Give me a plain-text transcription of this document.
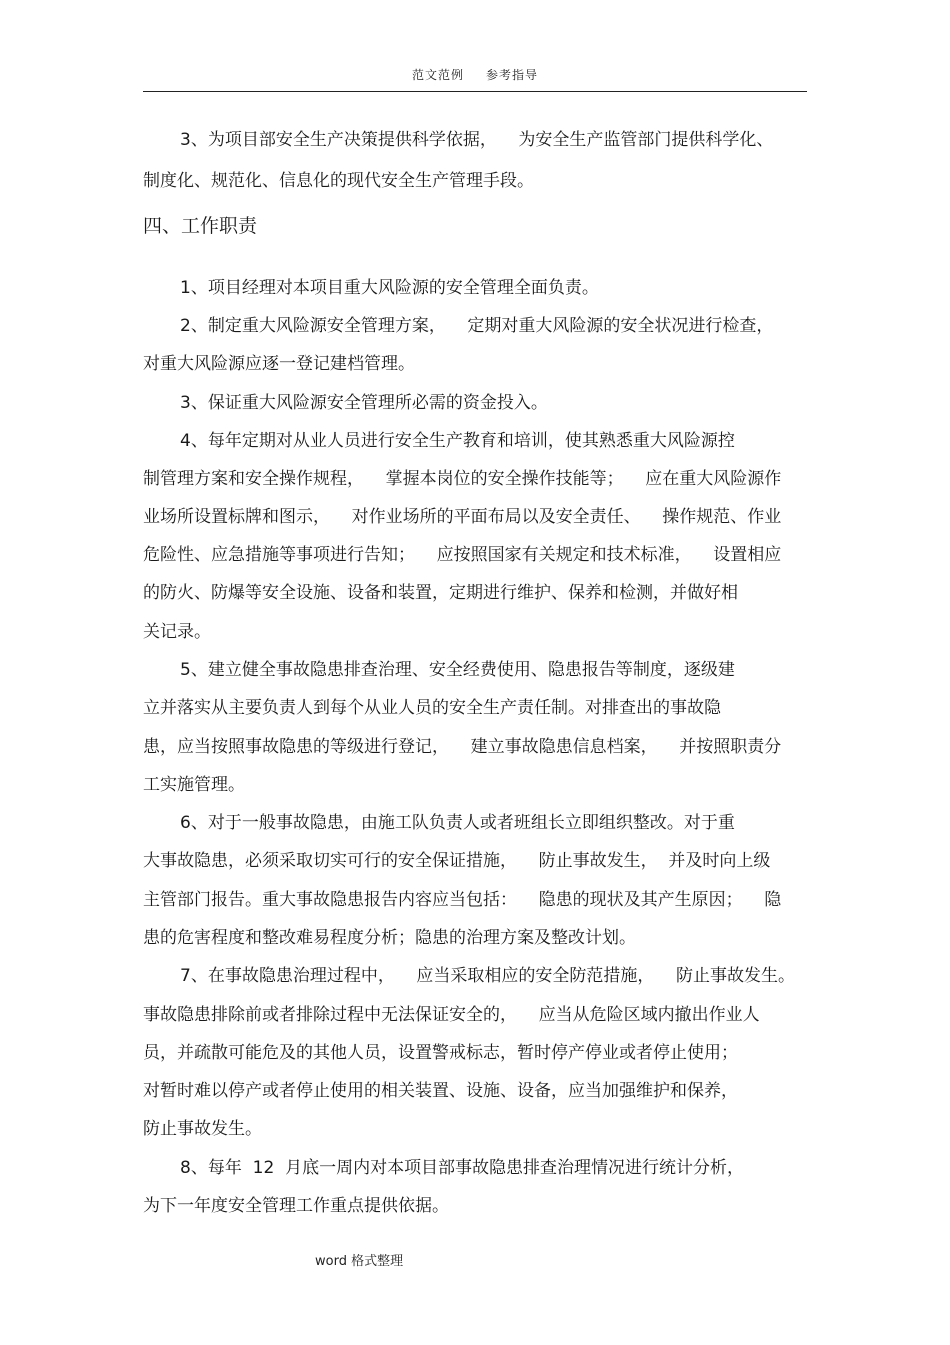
范文范例 参考指导
四、工作职责
3、为项目部安全生产决策提供科学依据，    为安全生产监管部门提供科学化、
制度化、规范化、信息化的现代安全生产管理手段。
1、项目经理对本项目重大风险源的安全管理全面负责。
2、制定重大风险源安全管理方案，    定期对重大风险源的安全状况进行检查，
对重大风险源应逐一登记建档管理。
3、保证重大风险源安全管理所必需的资金投入。
4、每年定期对从业人员进行安全生产教育和培训，使其熟悉重大风险源控
制管理方案和安全操作规程，    掌握本岗位的安全操作技能等；    应在重大风险源作
业场所设置标牌和图示，    对作业场所的平面布局以及安全责任、    操作规范、作业
危险性、应急措施等事项进行告知；    应按照国家有关规定和技术标准，    设置相应
的防火、防爆等安全设施、设备和装置，定期进行维护、保养和检测，并做好相
关记录。
5、建立健全事故隐患排查治理、安全经费使用、隐患报告等制度，逐级建
立并落实从主要负责人到每个从业人员的安全生产责任制。对排查出的事故隐
患，应当按照事故隐患的等级进行登记，    建立事故隐患信息档案，    并按照职责分
工实施管理。
6、对于一般事故隐患，由施工队负责人或者班组长立即组织整改。对于重
大事故隐患，必须采取切实可行的安全保证措施，    防止事故发生，  并及时向上级
主管部门报告。重大事故隐患报告内容应当包括：    隐患的现状及其产生原因；    隐
患的危害程度和整改难易程度分析；隐患的治理方案及整改计划。
7、在事故隐患治理过程中，    应当采取相应的安全防范措施，    防止事故发生。
事故隐患排除前或者排除过程中无法保证安全的，    应当从危险区域内撤出作业人
员，并疏散可能危及的其他人员，设置警戒标志，暂时停产停业或者停止使用；
对暂时难以停产或者停止使用的相关装置、设施、设备，应当加强维护和保养，
防止事故发生。
8、每年  12  月底一周内对本项目部事故隐患排查治理情况进行统计分析，
为下一年度安全管理工作重点提供依据。
word 格式整理
